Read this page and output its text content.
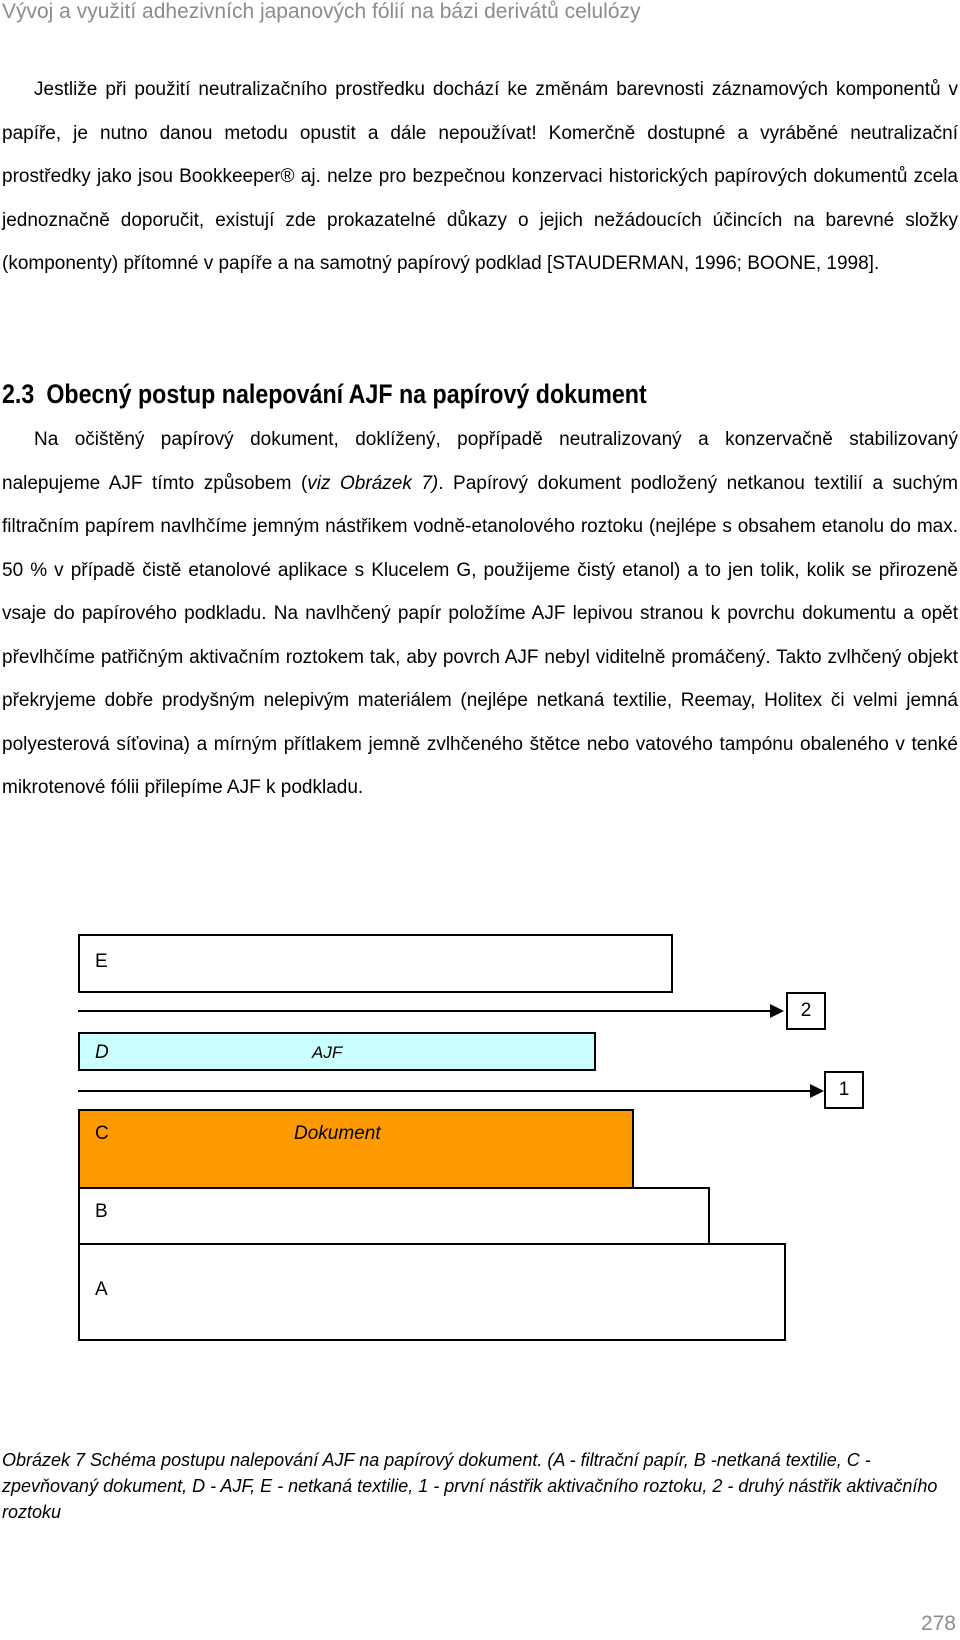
Vývoj a využití adhezivních japanových fólií na bázi derivátů celulózy

Jestliže při použití neutralizačního prostředku dochází ke změnám barevnosti záznamových komponentů v papíře, je nutno danou metodu opustit a dále nepoužívat! Komerčně dostupné a vyráběné neutralizační prostředky jako jsou Bookkeeper® aj. nelze pro bezpečnou konzervaci historických papírových dokumentů zcela jednoznačně doporučit, existují zde prokazatelné důkazy o jejich nežádoucích účincích na barevné složky (komponenty) přítomné v papíře a na samotný papírový podklad [STAUDERMAN, 1996; BOONE, 1998].

2.3 Obecný postup nalepování AJF na papírový dokument

Na očištěný papírový dokument, doklížený, popřípadě neutralizovaný a konzervačně stabilizovaný nalepujeme AJF tímto způsobem (viz Obrázek 7). Papírový dokument podložený netkanou textilií a suchým filtračním papírem navlhčíme jemným nástřikem vodně-etanolového roztoku (nejlépe s obsahem etanolu do max. 50 % v případě čistě etanolové aplikace s Klucelem G, použijeme čistý etanol) a to jen tolik, kolik se přirozeně vsaje do papírového podkladu. Na navlhčený papír položíme AJF lepivou stranou k povrchu dokumentu a opět převlhčíme patřičným aktivačním roztokem tak, aby povrch AJF nebyl viditelně promáčený. Takto zvlhčený objekt překryjeme dobře prodyšným nelepivým materiálem (nejlépe netkaná textilie, Reemay, Holitex či velmi jemná polyesterová síťovina) a mírným přítlakem jemně zvlhčeného štětce nebo vatového tampónu obaleného v tenké mikrotenové fólii přilepíme AJF k podkladu.

E
2
D	AJF
1
C	Dokument
B
A

Obrázek 7 Schéma postupu nalepování AJF na papírový dokument. (A - filtrační papír, B -netkaná textilie, C - zpevňovaný dokument, D - AJF, E - netkaná textilie, 1 - první nástřik aktivačního roztoku, 2 - druhý nástřik aktivačního roztoku

278
